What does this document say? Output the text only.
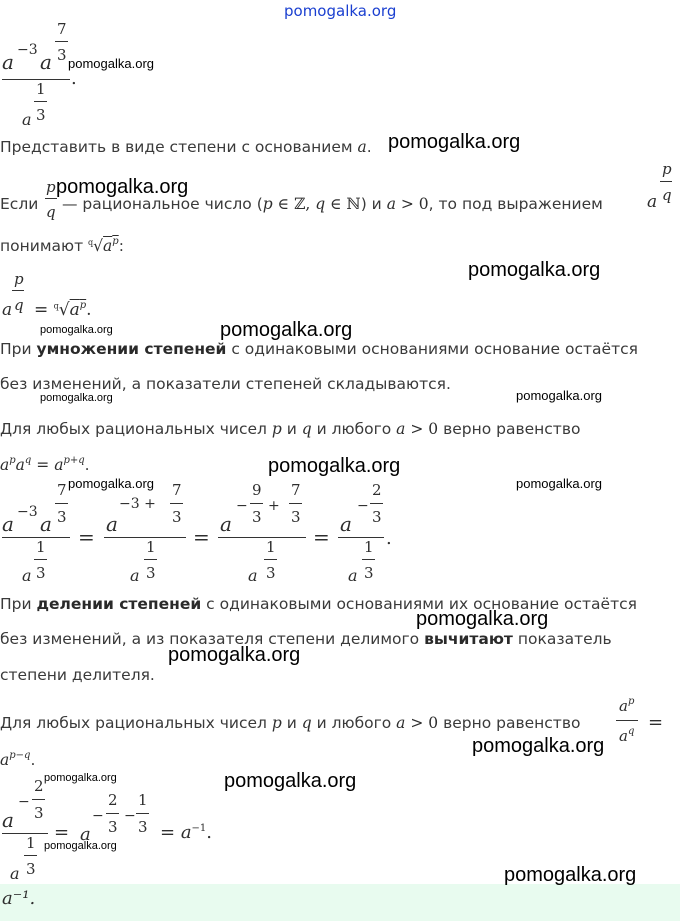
pomogalka.org
a −3 a
7
3
.
1
3
a
pomogalka.org
Представить в виде степени с основанием a. pomogalka.org
Если
p
q — рациональное число (p ∈ ℤ, q ∈ ℕ) и a > 0, то под выражением	a
p
q
pomogalka.org
понимают $^q√a^p$:
a
p
$q = ^q√a^p$.
pomogalka.org
pomogalka.org	pomogalka.org
При умножении степеней с одинаковыми основаниями основание остаётся
без изменений, а показатели степеней складываются.
pomogalka.org	pomogalka.org
Для любых рациональных чисел p и q и любого a > 0 верно равенство
$a^pa^q = a^{p+q}$.	pomogalka.org
pomogalka.org	pomogalka.org
a −3 a
7
3
1
3
a
=
a
−3 +
7
3
1
3
a
=
a
−
9
3
+
7
3
1
3
a
=
a
−
2
3
.
1
3
a
При делении степеней с одинаковыми основаниями их основание остаётся
pomogalka.org
без изменений, а из показателя степени делимого вычитают показатель
pomogalka.org
степени делителя.
Для любых рациональных чисел p и q и любого a > 0 верно равенство
$a^p$
$a^q$ =
$a^{p-q}$.
pomogalka.org
pomogalka.org	pomogalka.org
a
−
2
3
1
3
a
= a
−
2
3
−
1
$3 = a^{-1}$.
pomogalka.org
a⁻¹.
pomogalka.org
